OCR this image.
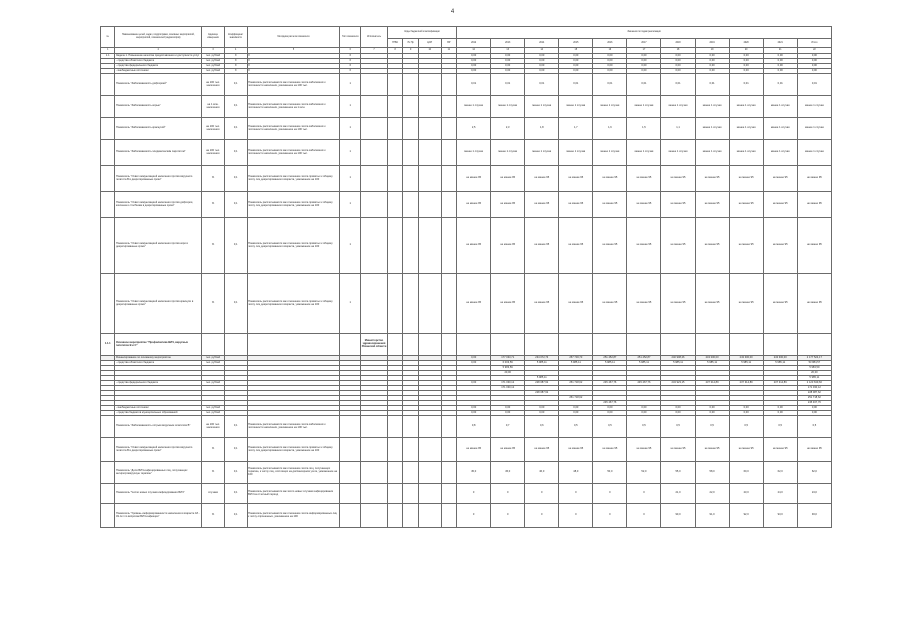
4
№	Наименование целей, задач, подпрограмм, основных мероприятий, мероприятий, показателей (индикаторов)	Единица измерения	Коэффициент значимости	Методика расчета показателя	Тип показателя	Исполнитель	Коды бюджетной классификации				Значения по годам реализации										
							ГРБС	Рз Пр	ЦСР	ВР	2012	2013	2014	2015	2016	2017	2018	2019	2020	2021	Итого
1	2	3	4	5	6	7	8	9	10	11	12	13	14	15	16	17	18	19	20	21	22
1.1	Задача 1. Повышение качества предоставления и доступности услуг	тыс. рублей	Х	Х	Х						0,00	0,00	0,00	0,00	0,00	0,00	0,00	0,00	0,00	0,00	0,00
	- средства областного бюджета	тыс. рублей	Х	Х	Х						0,00	0,00	0,00	0,00	0,00	0,00	0,00	0,00	0,00	0,00	0,00
	- средства федерального бюджета	тыс. рублей	Х	Х	Х						0,00	0,00	0,00	0,00	0,00	0,00	0,00	0,00	0,00	0,00	0,00
	- внебюджетные источники	тыс. рублей	Х	Х	Х						0,00	0,00	0,00	0,00	0,00	0,00	0,00	0,00	0,00	0,00	0,00
	Показатель "Заболеваемость дифтерией"	на 100 тыс. населения	0,1	Показатель рассчитывается как отношение числа заболевших к численности населения, умноженное на 100 тыс.	1						0,01	0,01	0,01	0,01	0,01	0,01	0,01	0,01	0,01	0,01	0,01
	Показатель "Заболеваемость корью"	на 1 млн. населения	0,1	Показатель рассчитывается как отношение числа заболевших к численности населения, умноженное на 1 млн.	1						менее 1 случая	менее 1 случая	менее 1 случая	менее 1 случая	менее 1 случая	менее 1 случая	менее 1 случая	менее 1 случая	менее 1 случая	менее 1 случая	менее 1 случая
	Показатель "Заболеваемость краснухой"	на 100 тыс. населения	0,1	Показатель рассчитывается как отношение числа заболевших к численности населения, умноженное на 100 тыс.	1						2,5	2,3	1,8	1,7	1,6	1,5	1,1	менее 1 случая	менее 1 случая	менее 1 случая	менее 1 случая
	Показатель "Заболеваемость эпидемическим паротитом"	на 100 тыс. населения	0,1	Показатель рассчитывается как отношение числа заболевших к численности населения, умноженное на 100 тыс.	1						менее 1 случая	менее 1 случая	менее 1 случая	менее 1 случая	менее 1 случая	менее 1 случая	менее 1 случая	менее 1 случая	менее 1 случая	менее 1 случая	менее 1 случая
	Показатель "Охват иммунизацией населения против вирусного гепатита В в декретированные сроки"	%	0,1	Показатель рассчитывается как отношение числа привитых к общему числу лиц декретированного возраста, умноженное на 100	1						не менее 95	не менее 95	не менее 95	не менее 95	не менее 95	не менее 95	не менее 95	не менее 95	не менее 95	не менее 95	не менее 95
	Показатель "Охват иммунизацией населения против дифтерии, коклюша и столбняка в декретированные сроки"	%	0,1	Показатель рассчитывается как отношение числа привитых к общему числу лиц декретированного возраста, умноженное на 100	1						не менее 95	не менее 95	не менее 95	не менее 95	не менее 95	не менее 95	не менее 95	не менее 95	не менее 95	не менее 95	не менее 95
	Показатель "Охват иммунизацией населения против кори в декретированные сроки"	%	0,1	Показатель рассчитывается как отношение числа привитых к общему числу лиц декретированного возраста, умноженное на 100	1						не менее 95	не менее 95	не менее 95	не менее 95	не менее 95	не менее 95	не менее 95	не менее 95	не менее 95	не менее 95	не менее 95
	Показатель "Охват иммунизацией населения против краснухи в декретированные сроки"	%	0,1	Показатель рассчитывается как отношение числа привитых к общему числу лиц декретированного возраста, умноженное на 100	1						не менее 95	не менее 95	не менее 95	не менее 95	не менее 95	не менее 95	не менее 95	не менее 95	не менее 95	не менее 95	не менее 95
1.1.1	Основное мероприятие "Профилактика ВИЧ, вирусных гепатитов В и С"					Министерство здравоохранения Рязанской области															
	Финансирование по основному мероприятию	тыс. рублей									0,00	177 033,71	234 072,73	257 703,73	251 452,87	251 452,87	240 908,26	243 300,00	243 300,00	243 300,00	2 177 524,17
	- средства областного бюджета	тыс. рублей									0,00	6 003,59	5 985,11	5 985,11	5 985,11	5 985,11	5 985,11	5 985,11	5 985,11	5 985,11	53 884,57
												5 983,59									5 983,59
												20,00									20,00
													5 985,11								5 985,11
	- средства федерального бюджета	тыс. рублей									0,00	171 030,12	228 087,62	251 718,62	245 467,76	245 467,76	234 923,15	237 314,89	237 314,89	237 314,89	2 123 639,60
												171 030,12									171 030,12
													228 087,62								228 087,62
														251 718,62							251 718,62
															245 467,76						245 467,76
	- внебюджетные источники	тыс. рублей									0,00	0,00	0,00	0,00	0,00	0,00	0,00	0,00	0,00	0,00	0,00
	- средства бюджетов муниципальных образований	тыс. рублей									0,00	0,00	0,00	0,00	0,00	0,00	0,00	0,00	0,00	0,00	0,00
	Показатель "Заболеваемость острым вирусным гепатитом В"	на 100 тыс. населения	0,1	Показатель рассчитывается как отношение числа заболевших к численности населения, умноженное на 100 тыс.							0,8	0,7	0,6	0,5	0,5	0,5	0,5	0,5	0,5	0,5	0,5
	Показатель "Охват иммунизацией населения против вирусного гепатита В в декретированные сроки"	%	0,1	Показатель рассчитывается как отношение числа привитых к общему числу лиц декретированного возраста, умноженное на 100							не менее 95	не менее 95	не менее 95	не менее 95	не менее 95	не менее 95	не менее 95	не менее 95	не менее 95	не менее 95	не менее 95
	Показатель "Доля ВИЧ-инфицированных лиц, получающих антиретровирусную терапию"	%	0,1	Показатель рассчитывается как отношение числа лиц, получающих терапию, к числу лиц, состоящих на диспансерном учете, умноженное на 100							45,0	45,0	46,0	48,0	50,0	52,0	55,0	58,0	60,0	62,0	62,0
	Показатель "Число новых случаев инфицирования ВИЧ"	случаев	0,1	Показатель рассчитывается как число новых случаев инфицирования ВИЧ за отчетный период							0	0	0	0	0	0	21,0	22,0	23,0	24,0	24,0
	Показатель "Уровень информированности населения в возрасте 18 - 49 лет по вопросам ВИЧ-инфекции"	%	0,1	Показатель рассчитывается как отношение числа информированных лиц к числу опрошенных, умноженное на 100							0	0	0	0	0	0	90,0	91,0	92,0	93,0	93,0
